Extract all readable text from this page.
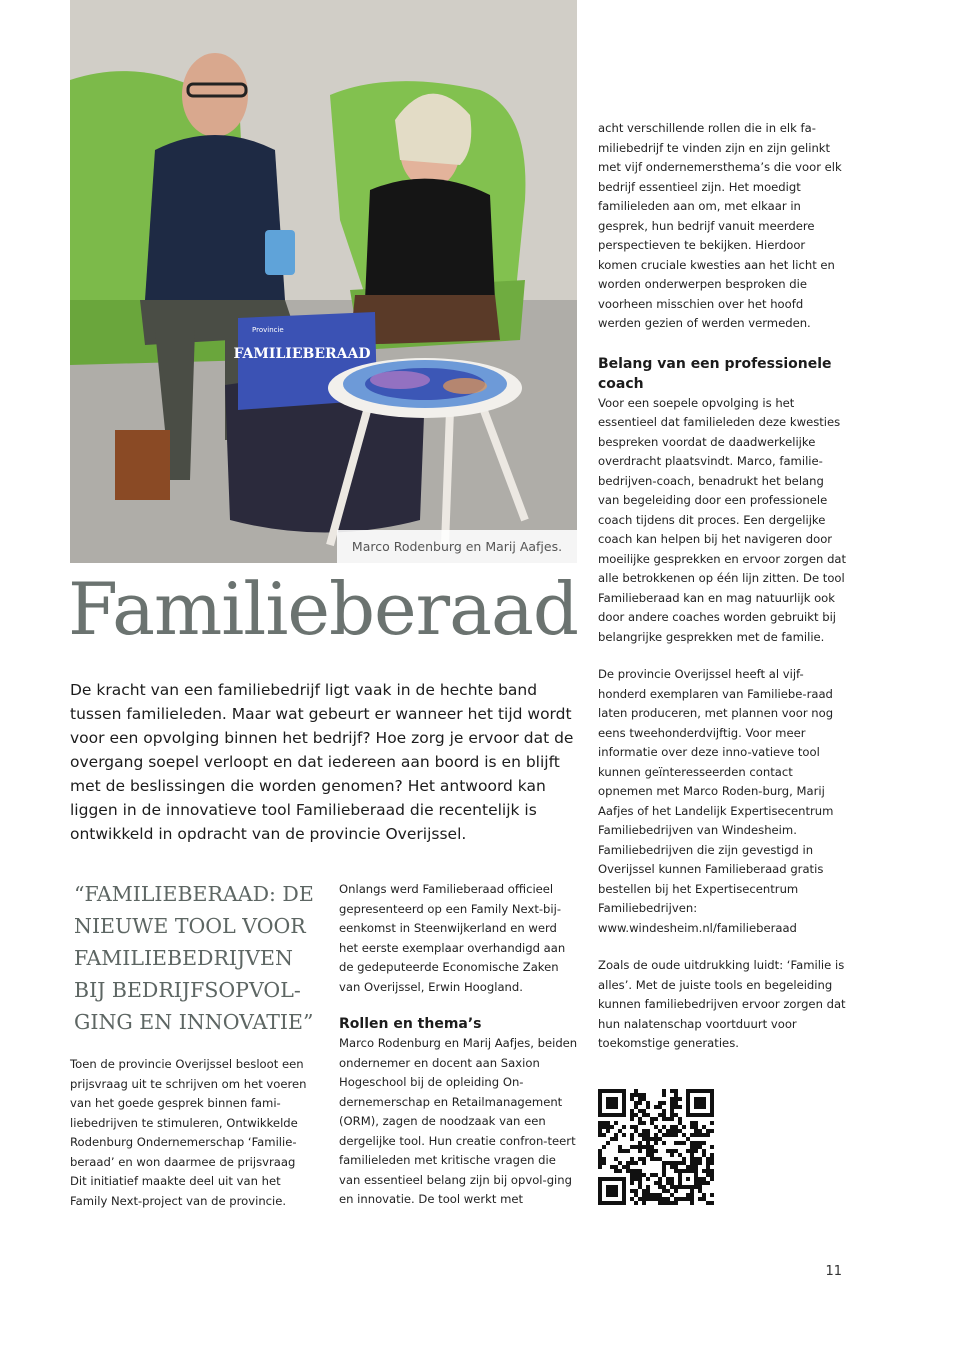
FAMILIEBERAAD
Provincie
Marco Rodenburg en Marij Aafjes.
Familieberaad

De kracht van een familiebedrijf ligt vaak in de hechte band tussen familieleden. Maar wat gebeurt er wanneer het tijd wordt voor een opvolging binnen het bedrijf? Hoe zorg je ervoor dat de overgang soepel verloopt en dat iedereen aan boord is en blijft met de beslissingen die worden genomen? Het antwoord kan liggen in de innovatieve tool Familieberaad die recentelijk is ontwikkeld in opdracht van de provincie Overijssel.

“FAMILIEBERAAD: DE NIEUWE TOOL VOOR FAMILIEBEDRIJVEN BIJ BEDRIJFSOPVOL-GING EN INNOVATIE”

Toen de provincie Overijssel besloot een prijsvraag uit te schrijven om het voeren van het goede gesprek binnen fami-liebedrijven te stimuleren, Ontwikkelde Rodenburg Ondernemerschap ‘Familie-beraad’ en won daarmee de prijsvraag Dit initiatief maakte deel uit van het Family Next-project van de provincie.

Onlangs werd Familieberaad officieel gepresenteerd op een Family Next-bij-eenkomst in Steenwijkerland en werd het eerste exemplaar overhandigd aan de gedeputeerde Economische Zaken van Overijssel, Erwin Hoogland.

Rollen en thema’s

Marco Rodenburg en Marij Aafjes, beiden ondernemer en docent aan Saxion Hogeschool bij de opleiding On-dernemerschap en Retailmanagement (ORM), zagen de noodzaak van een dergelijke tool. Hun creatie confron-teert familieleden met kritische vragen die van essentieel belang zijn bij opvol-ging en innovatie. De tool werkt met

acht verschillende rollen die in elk fa-miliebedrijf te vinden zijn en zijn gelinkt met vijf ondernemersthema’s die voor elk bedrijf essentieel zijn. Het moedigt familieleden aan om, met elkaar in gesprek, hun bedrijf vanuit meerdere perspectieven te bekijken. Hierdoor komen cruciale kwesties aan het licht en worden onderwerpen besproken die voorheen misschien over het hoofd werden gezien of werden vermeden.

Belang van een professionele coach

Voor een soepele opvolging is het essentieel dat familieleden deze kwesties bespreken voordat de daadwerkelijke overdracht plaatsvindt. Marco, familie-bedrijven-coach, benadrukt het belang van begeleiding door een professionele coach tijdens dit proces. Een dergelijke coach kan helpen bij het navigeren door moeilijke gesprekken en ervoor zorgen dat alle betrokkenen op één lijn zitten. De tool Familieberaad kan en mag natuurlijk ook door andere coaches worden gebruikt bij belangrijke gesprekken met de familie.

De provincie Overijssel heeft al vijf-honderd exemplaren van Familiebe-raad laten produceren, met plannen voor nog eens tweehonderdvijftig. Voor meer informatie over deze inno-vatieve tool kunnen geïnteresseerden contact opnemen met Marco Roden-burg, Marij Aafjes of het Landelijk Expertisecentrum Familiebedrijven van Windesheim. Familiebedrijven die zijn gevestigd in Overijssel kunnen Familieberaad gratis bestellen bij het Expertisecentrum Familiebedrijven: www.windesheim.nl/familieberaad

Zoals de oude uitdrukking luidt: ‘Familie is alles’. Met de juiste tools en begeleiding kunnen familiebedrijven ervoor zorgen dat hun nalatenschap voortduurt voor toekomstige generaties.

11
